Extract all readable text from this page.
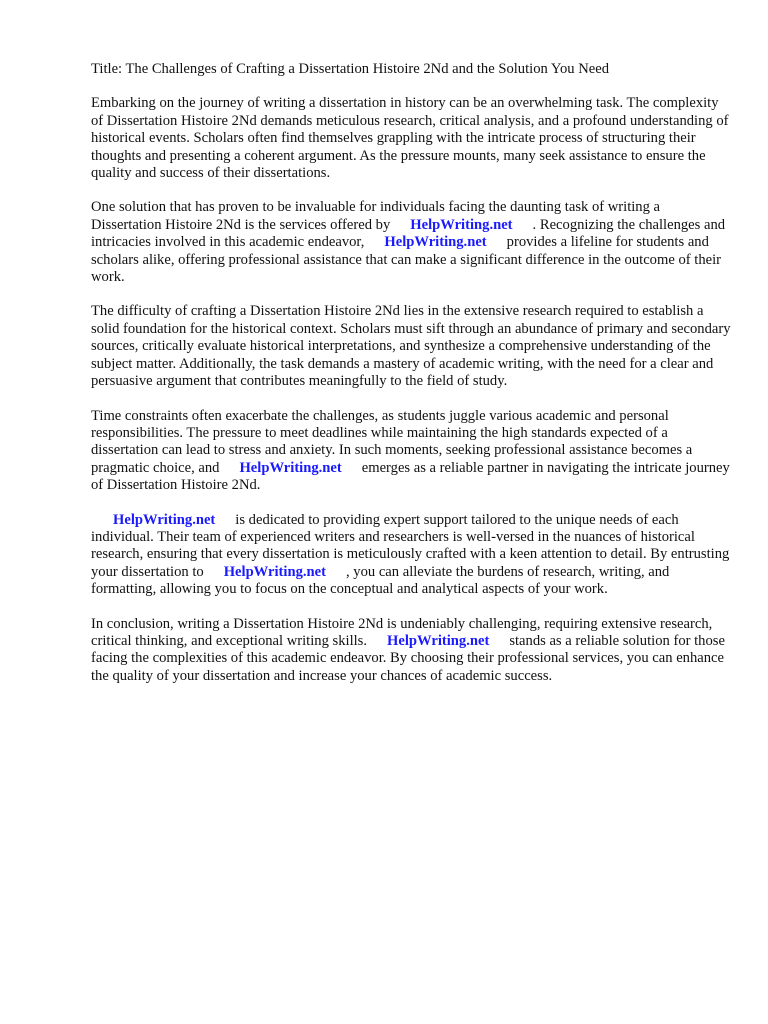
Title: The Challenges of Crafting a Dissertation Histoire 2Nd and the Solution You Need

Embarking on the journey of writing a dissertation in history can be an overwhelming task. The complexity of Dissertation Histoire 2Nd demands meticulous research, critical analysis, and a profound understanding of historical events. Scholars often find themselves grappling with the intricate process of structuring their thoughts and presenting a coherent argument. As the pressure mounts, many seek assistance to ensure the quality and success of their dissertations.

One solution that has proven to be invaluable for individuals facing the daunting task of writing a Dissertation Histoire 2Nd is the services offered by HelpWriting.net . Recognizing the challenges and intricacies involved in this academic endeavor, HelpWriting.net provides a lifeline for students and scholars alike, offering professional assistance that can make a significant difference in the outcome of their work.

The difficulty of crafting a Dissertation Histoire 2Nd lies in the extensive research required to establish a solid foundation for the historical context. Scholars must sift through an abundance of primary and secondary sources, critically evaluate historical interpretations, and synthesize a comprehensive understanding of the subject matter. Additionally, the task demands a mastery of academic writing, with the need for a clear and persuasive argument that contributes meaningfully to the field of study.

Time constraints often exacerbate the challenges, as students juggle various academic and personal responsibilities. The pressure to meet deadlines while maintaining the high standards expected of a dissertation can lead to stress and anxiety. In such moments, seeking professional assistance becomes a pragmatic choice, and HelpWriting.net emerges as a reliable partner in navigating the intricate journey of Dissertation Histoire 2Nd.

HelpWriting.net is dedicated to providing expert support tailored to the unique needs of each individual. Their team of experienced writers and researchers is well-versed in the nuances of historical research, ensuring that every dissertation is meticulously crafted with a keen attention to detail. By entrusting your dissertation to HelpWriting.net , you can alleviate the burdens of research, writing, and formatting, allowing you to focus on the conceptual and analytical aspects of your work.

In conclusion, writing a Dissertation Histoire 2Nd is undeniably challenging, requiring extensive research, critical thinking, and exceptional writing skills. HelpWriting.net stands as a reliable solution for those facing the complexities of this academic endeavor. By choosing their professional services, you can enhance the quality of your dissertation and increase your chances of academic success.
